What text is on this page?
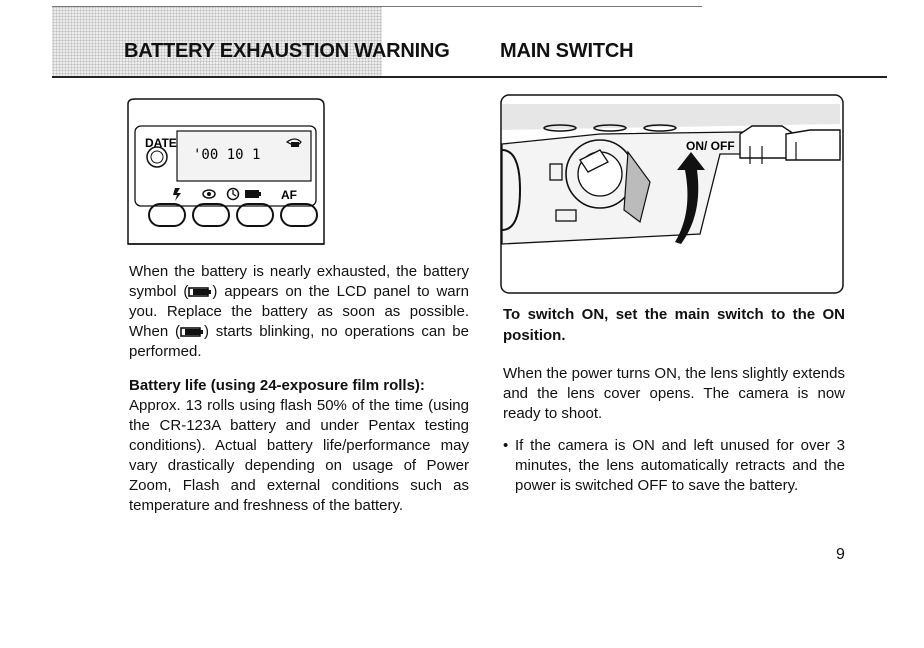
BATTERY EXHAUSTION WARNING	MAIN SWITCH
DATE
'00 10 1
AF
ON/ OFF

When the battery is nearly exhausted, the battery symbol ( ) appears on the LCD panel to warn you. Replace the battery as soon as possible. When ( ) starts blinking, no operations can be performed.

Battery life (using 24-exposure film rolls):

Approx. 13 rolls using flash 50% of the time (using the CR-123A battery and under Pentax testing conditions). Actual battery life/performance may vary drastically depending on usage of Power Zoom, Flash and external conditions such as temperature and freshness of the battery.

To switch ON, set the main switch to the ON position.

When the power turns ON, the lens slightly extends and the lens cover opens. The camera is now ready to shoot.

• If the camera is ON and left unused for over 3 minutes, the lens automatically retracts and the power is switched OFF to save the battery.
9
